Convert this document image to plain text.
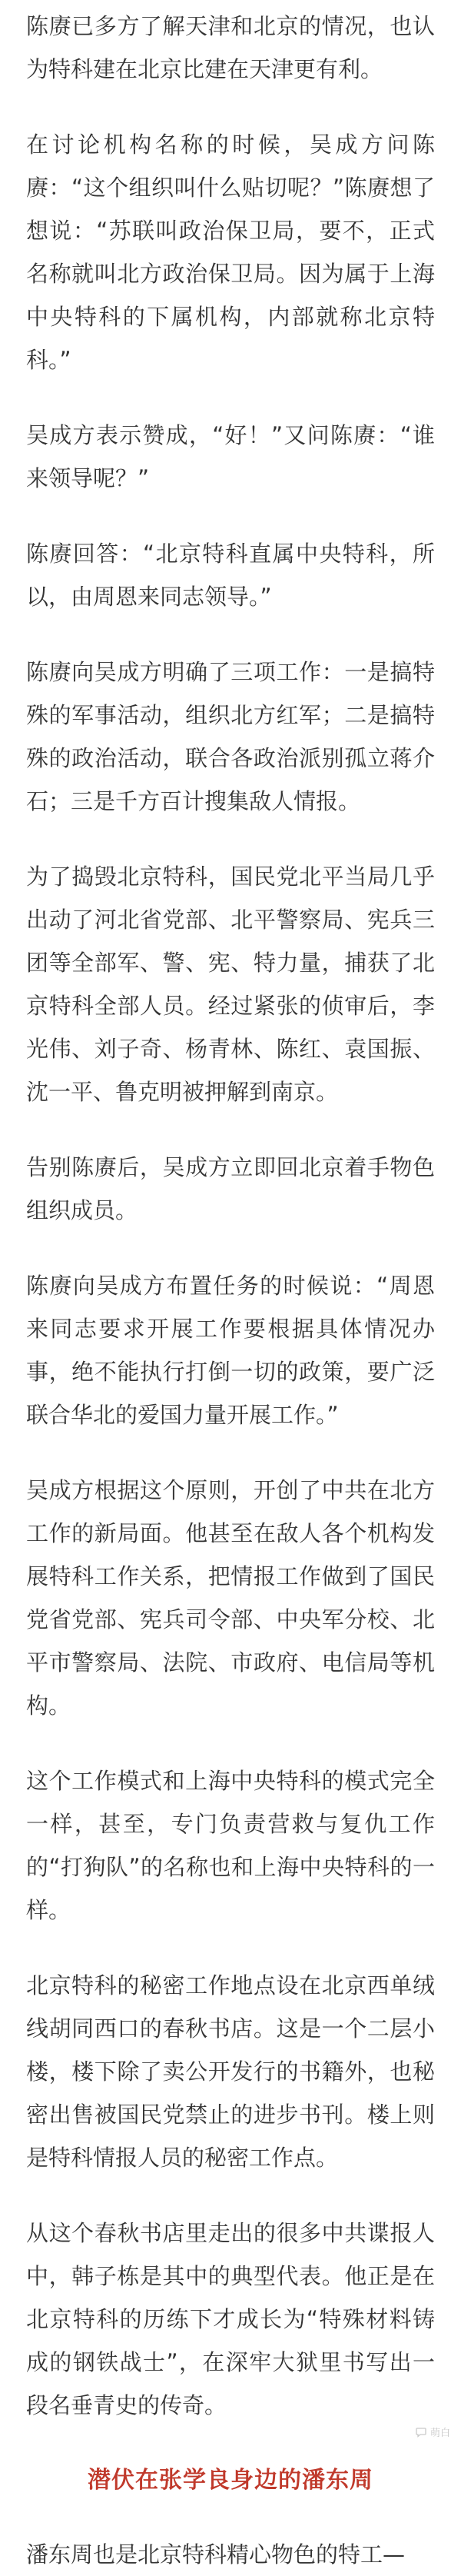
陈赓已多方了解天津和北京的情况，也认为特科建在北京比建在天津更有利。

在讨论机构名称的时候，吴成方问陈赓：“这个组织叫什么贴切呢？”陈赓想了想说：“苏联叫政治保卫局，要不，正式名称就叫北方政治保卫局。因为属于上海中央特科的下属机构，内部就称北京特科。”

吴成方表示赞成，“好！”又问陈赓：“谁来领导呢？”

陈赓回答：“北京特科直属中央特科，所以，由周恩来同志领导。”

陈赓向吴成方明确了三项工作：一是搞特殊的军事活动，组织北方红军；二是搞特殊的政治活动，联合各政治派别孤立蒋介石；三是千方百计搜集敌人情报。

为了捣毁北京特科，国民党北平当局几乎出动了河北省党部、北平警察局、宪兵三团等全部军、警、宪、特力量，捕获了北京特科全部人员。经过紧张的侦审后，李光伟、刘子奇、杨青林、陈红、袁国振、沈一平、鲁克明被押解到南京。

告别陈赓后，吴成方立即回北京着手物色组织成员。

陈赓向吴成方布置任务的时候说：“周恩来同志要求开展工作要根据具体情况办事，绝不能执行打倒一切的政策，要广泛联合华北的爱国力量开展工作。”

吴成方根据这个原则，开创了中共在北方工作的新局面。他甚至在敌人各个机构发展特科工作关系，把情报工作做到了国民党省党部、宪兵司令部、中央军分校、北平市警察局、法院、市政府、电信局等机构。

这个工作模式和上海中央特科的模式完全一样，甚至，专门负责营救与复仇工作的“打狗队”的名称也和上海中央特科的一样。

北京特科的秘密工作地点设在北京西单绒线胡同西口的春秋书店。这是一个二层小楼，楼下除了卖公开发行的书籍外，也秘密出售被国民党禁止的进步书刊。楼上则是特科情报人员的秘密工作点。

从这个春秋书店里走出的很多中共谍报人中，韩子栋是其中的典型代表。他正是在北京特科的历练下才成长为“特殊材料铸成的钢铁战士”，在深牢大狱里书写出一段名垂青史的传奇。

潜伏在张学良身边的潘东周

潘东周也是北京特科精心物色的特工—

萌白
